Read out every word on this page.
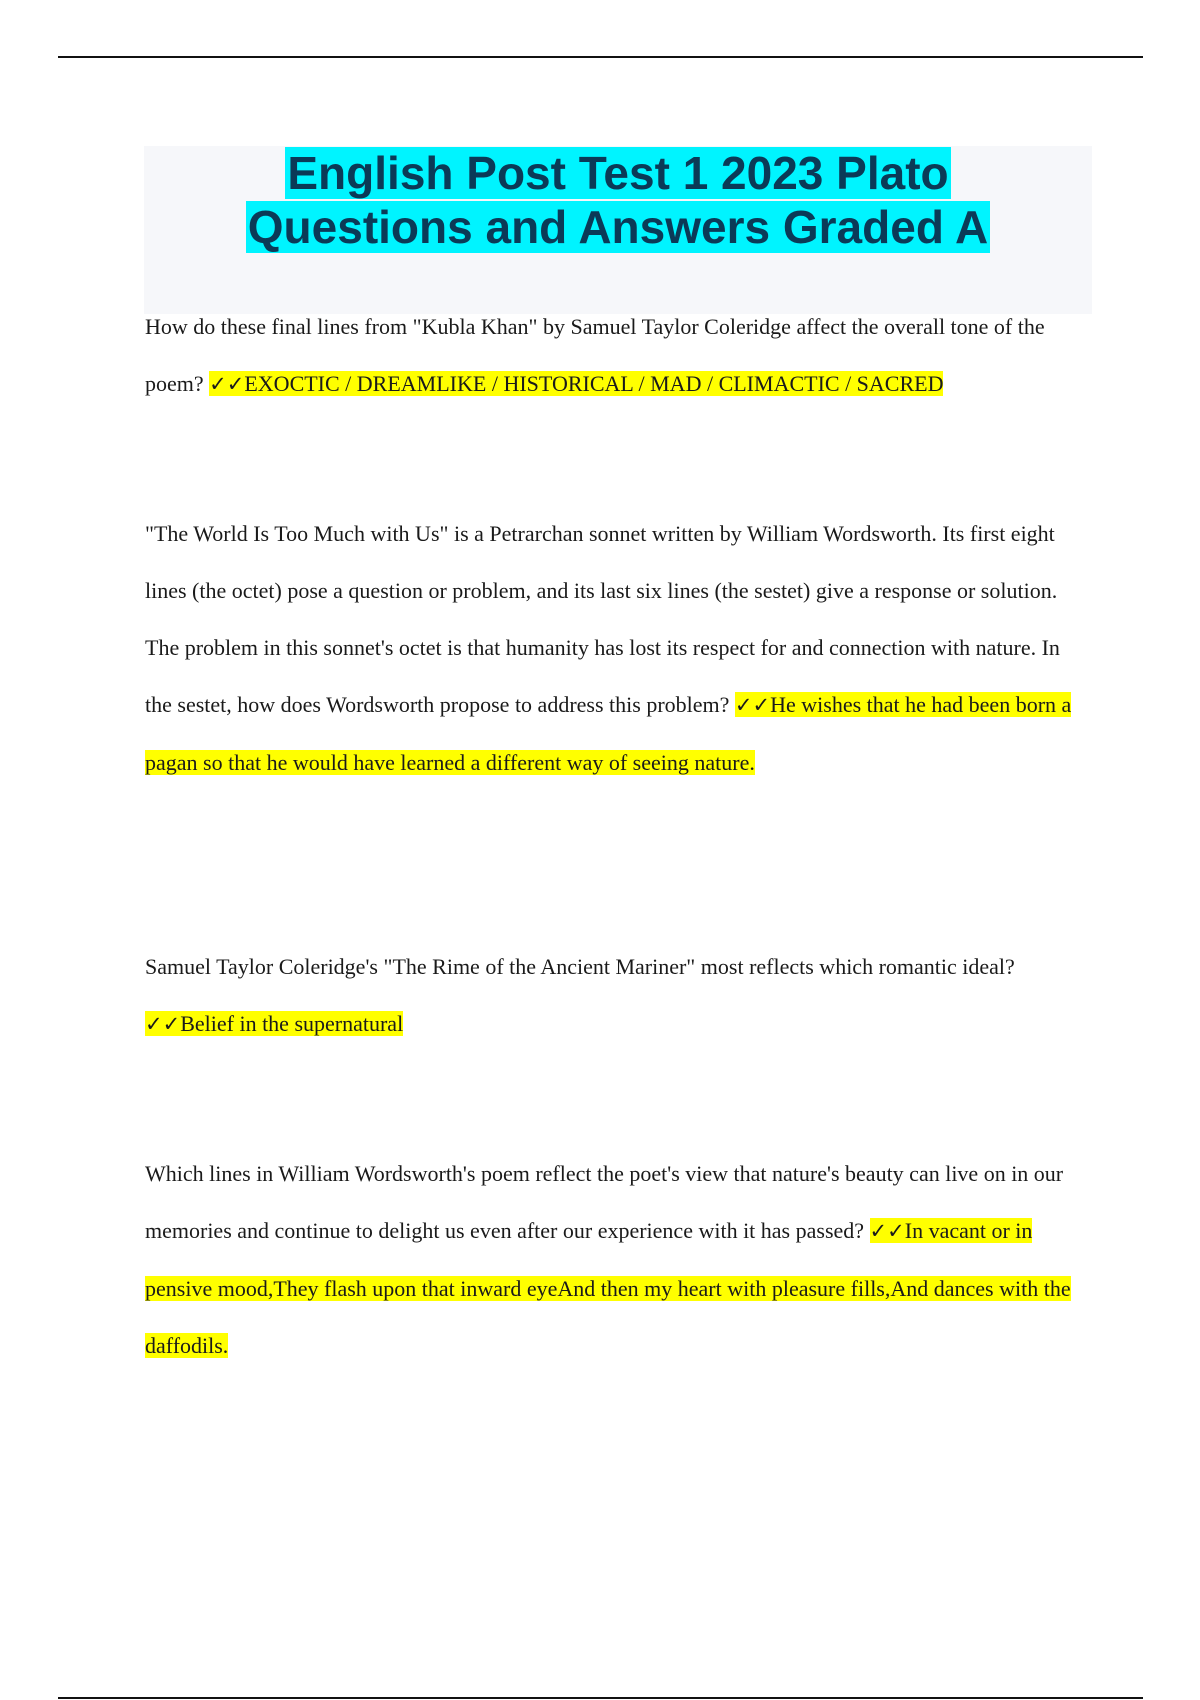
English Post Test 1 2023 Plato
Questions and Answers Graded A

How do these final lines from "Kubla Khan" by Samuel Taylor Coleridge affect the overall tone of the poem? ✓✓EXOCTIC / DREAMLIKE / HISTORICAL / MAD / CLIMACTIC / SACRED

"The World Is Too Much with Us" is a Petrarchan sonnet written by William Wordsworth. Its first eight lines (the octet) pose a question or problem, and its last six lines (the sestet) give a response or solution. The problem in this sonnet's octet is that humanity has lost its respect for and connection with nature. In the sestet, how does Wordsworth propose to address this problem? ✓✓He wishes that he had been born a pagan so that he would have learned a different way of seeing nature.

Samuel Taylor Coleridge's "The Rime of the Ancient Mariner" most reflects which romantic ideal? ✓✓Belief in the supernatural

Which lines in William Wordsworth's poem reflect the poet's view that nature's beauty can live on in our memories and continue to delight us even after our experience with it has passed? ✓✓In vacant or in pensive mood,They flash upon that inward eyeAnd then my heart with pleasure fills,And dances with the daffodils.
